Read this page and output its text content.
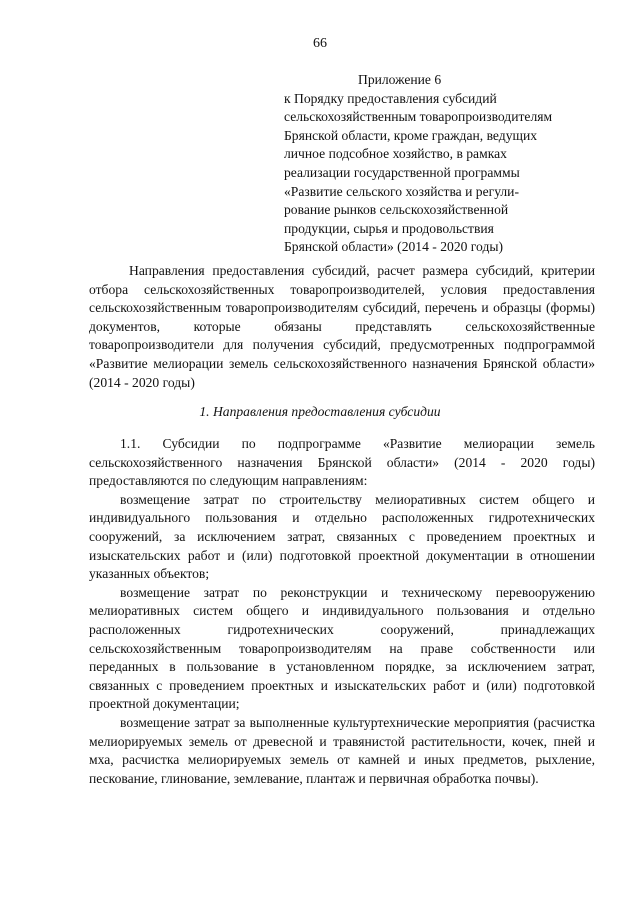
66
Приложение 6
к Порядку предоставления субсидий
сельскохозяйственным товаропроизводителям
Брянской области, кроме граждан, ведущих
личное подсобное хозяйство, в рамках
реализации государственной программы
«Развитие сельского хозяйства и регули-
рование рынков сельскохозяйственной
продукции, сырья и продовольствия
Брянской области» (2014 - 2020 годы)
Направления предоставления субсидий, расчет размера субсидий, критерии отбора сельскохозяйственных товаропроизводителей, условия предоставления сельскохозяйственным товаропроизводителям субсидий, перечень и образцы (формы) документов, которые обязаны представлять сельскохозяйственные товаропроизводители для получения субсидий, предусмотренных подпрограммой «Развитие мелиорации земель сельскохозяйственного назначения Брянской области» (2014 - 2020 годы)
1. Направления предоставления субсидии

1.1. Субсидии по подпрограмме «Развитие мелиорации земель сельскохозяйственного назначения Брянской области» (2014 - 2020 годы) предоставляются по следующим направлениям:

возмещение затрат по строительству мелиоративных систем общего и индивидуального пользования и отдельно расположенных гидротехнических сооружений, за исключением затрат, связанных с проведением проектных и изыскательских работ и (или) подготовкой проектной документации в отношении указанных объектов;

возмещение затрат по реконструкции и техническому перевооружению мелиоративных систем общего и индивидуального пользования и отдельно расположенных гидротехнических сооружений, принадлежащих сельскохозяйственным товаропроизводителям на праве собственности или переданных в пользование в установленном порядке, за исключением затрат, связанных с проведением проектных и изыскательских работ и (или) подготовкой проектной документации;

возмещение затрат за выполненные культуртехнические мероприятия (расчистка мелиорируемых земель от древесной и травянистой растительности, кочек, пней и мха, расчистка мелиорируемых земель от камней и иных предметов, рыхление, пескование, глинование, землевание, плантаж и первичная обработка почвы).
